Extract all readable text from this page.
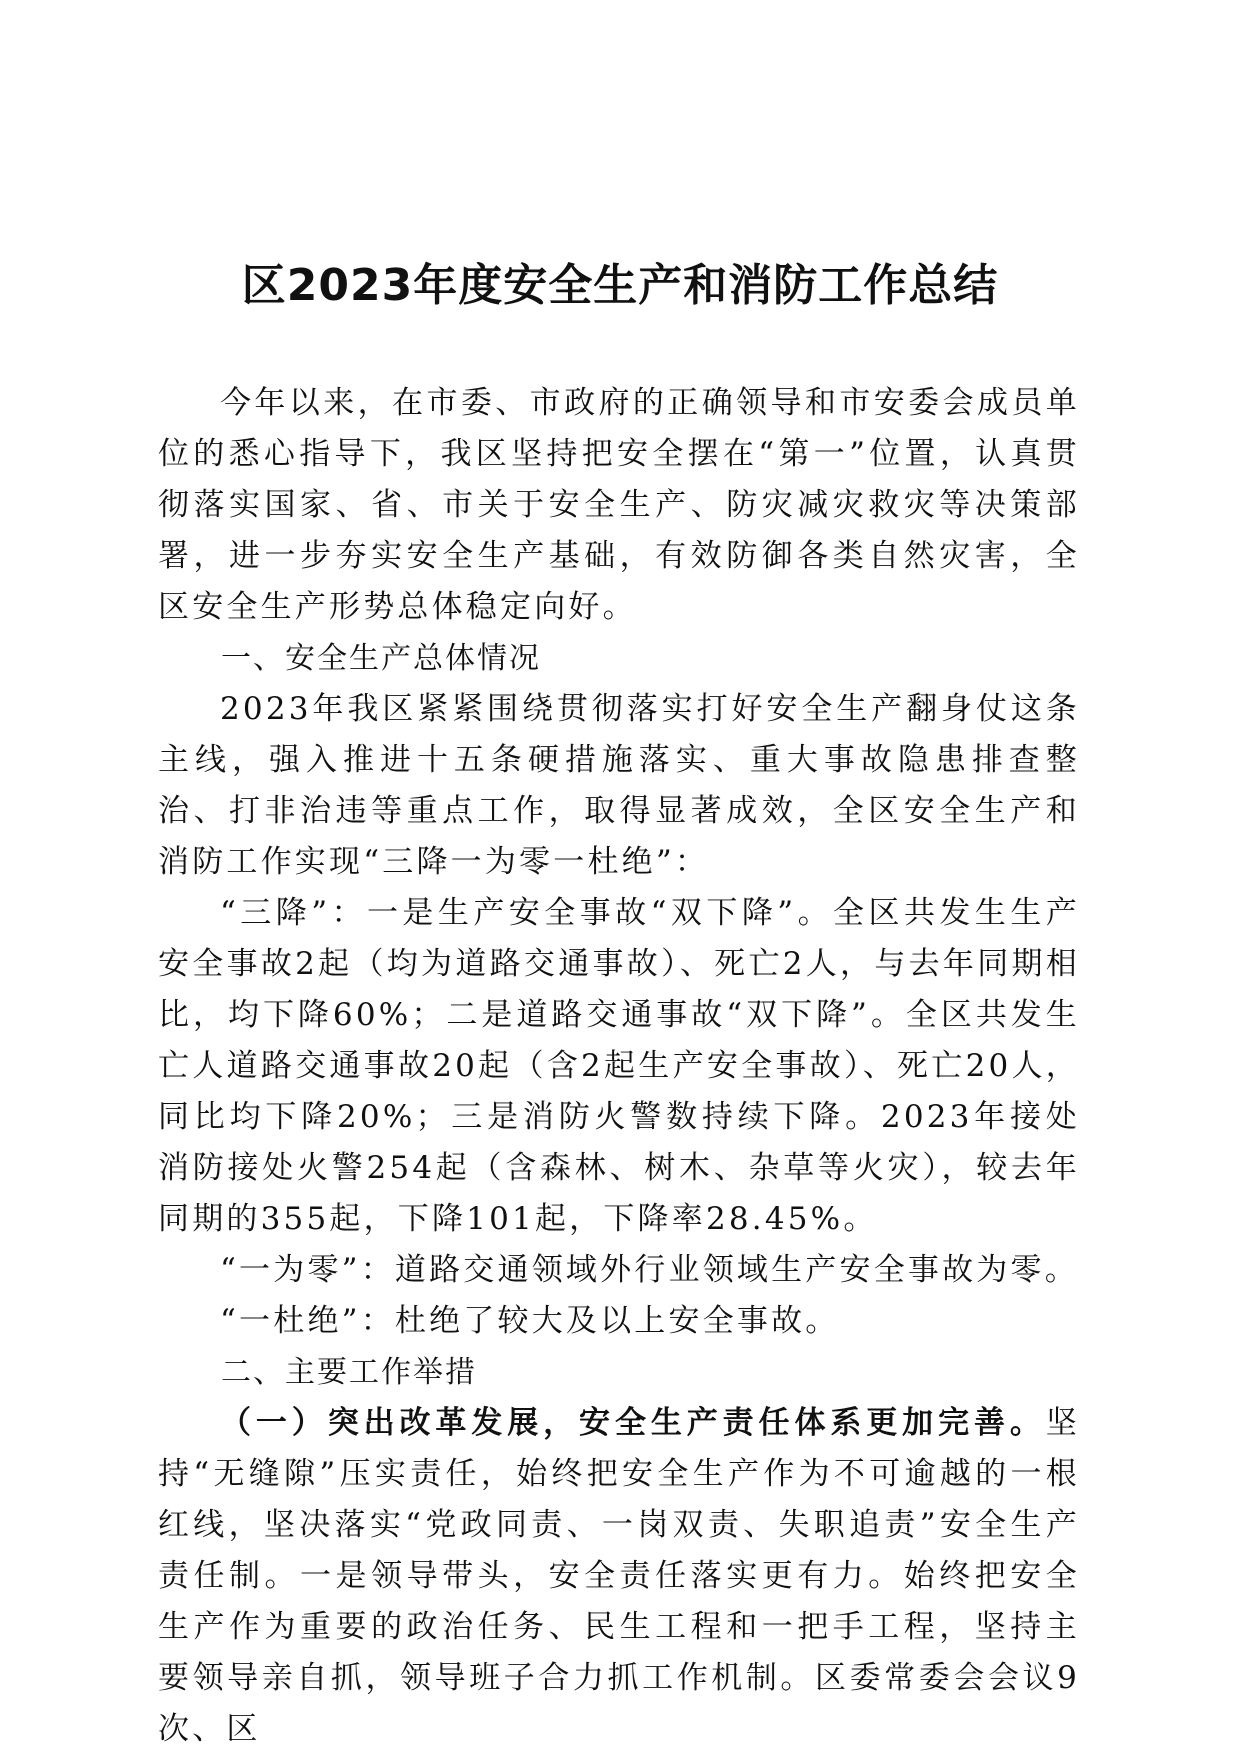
区2023年度安全生产和消防工作总结

今年以来，在市委、市政府的正确领导和市安委会成员单位的悉心指导下，我区坚持把安全摆在“第一”位置，认真贯彻落实国家、省、市关于安全生产、防灾减灾救灾等决策部署，进一步夯实安全生产基础，有效防御各类自然灾害，全区安全生产形势总体稳定向好。

一、安全生产总体情况

2023年我区紧紧围绕贯彻落实打好安全生产翻身仗这条主线，强入推进十五条硬措施落实、重大事故隐患排查整治、打非治违等重点工作，取得显著成效，全区安全生产和消防工作实现“三降一为零一杜绝”：

“三降”：一是生产安全事故“双下降”。全区共发生生产安全事故2起（均为道路交通事故）、死亡2人，与去年同期相比，均下降60%；二是道路交通事故“双下降”。全区共发生亡人道路交通事故20起（含2起生产安全事故）、死亡20人，同比均下降20%；三是消防火警数持续下降。2023年接处消防接处火警254起（含森林、树木、杂草等火灾），较去年同期的355起，下降101起，下降率28.45%。

“一为零”：道路交通领域外行业领域生产安全事故为零。

“一杜绝”：杜绝了较大及以上安全事故。

二、主要工作举措

（一）突出改革发展，安全生产责任体系更加完善。坚持“无缝隙”压实责任，始终把安全生产作为不可逾越的一根红线，坚决落实“党政同责、一岗双责、失职追责”安全生产责任制。一是领导带头，安全责任落实更有力。始终把安全生产作为重要的政治任务、民生工程和一把手工程，坚持主要领导亲自抓，领导班子合力抓工作机制。区委常委会会议9次、区
